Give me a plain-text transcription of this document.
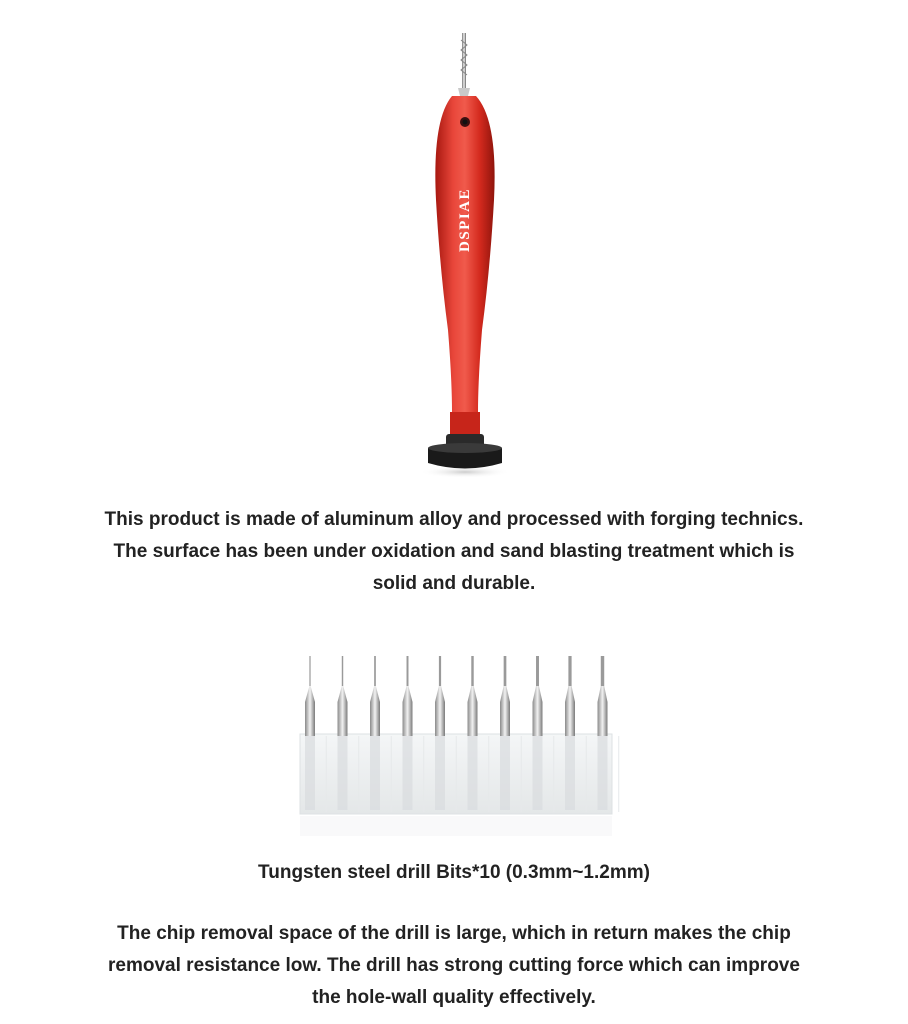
DSPIAE
This product is made of aluminum alloy and processed with forging technics.
The surface has been under oxidation and sand blasting treatment which is
solid and durable.
Tungsten steel drill Bits*10 (0.3mm~1.2mm)
The chip removal space of the drill is large, which in return makes the chip
removal resistance low. The drill has strong cutting force which can improve
the hole-wall quality effectively.
